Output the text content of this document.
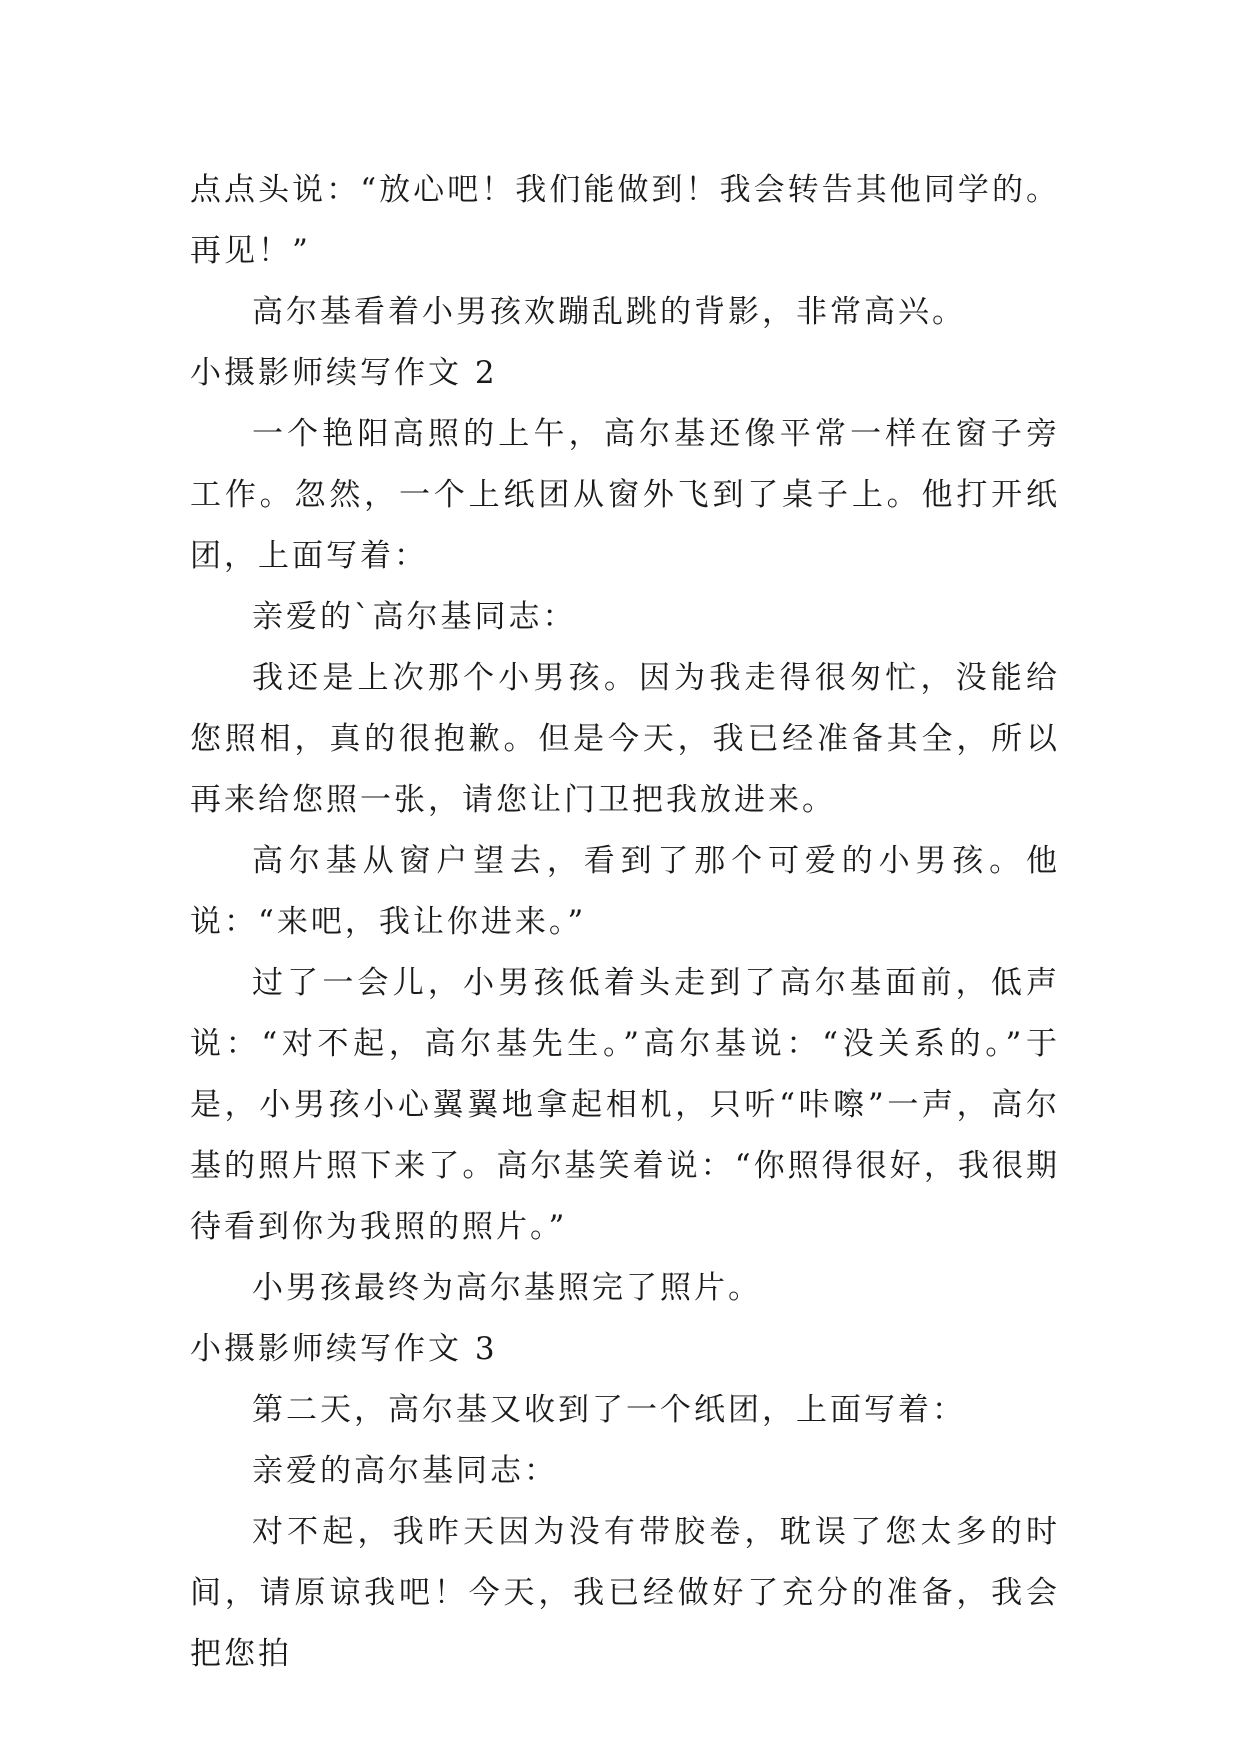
点点头说：“放心吧！我们能做到！我会转告其他同学的。再见！”

高尔基看着小男孩欢蹦乱跳的背影，非常高兴。

小摄影师续写作文 2

一个艳阳高照的上午，高尔基还像平常一样在窗子旁工作。忽然，一个上纸团从窗外飞到了桌子上。他打开纸团，上面写着：

亲爱的`高尔基同志：

我还是上次那个小男孩。因为我走得很匆忙，没能给您照相，真的很抱歉。但是今天，我已经准备其全，所以再来给您照一张，请您让门卫把我放进来。

高尔基从窗户望去，看到了那个可爱的小男孩。他说：“来吧，我让你进来。”

过了一会儿，小男孩低着头走到了高尔基面前，低声说：“对不起，高尔基先生。”高尔基说：“没关系的。”于是，小男孩小心翼翼地拿起相机，只听“咔嚓”一声，高尔基的照片照下来了。高尔基笑着说：“你照得很好，我很期待看到你为我照的照片。”

小男孩最终为高尔基照完了照片。

小摄影师续写作文 3

第二天，高尔基又收到了一个纸团，上面写着：

亲爱的高尔基同志：

对不起，我昨天因为没有带胶卷，耽误了您太多的时间，请原谅我吧！今天，我已经做好了充分的准备，我会把您拍
